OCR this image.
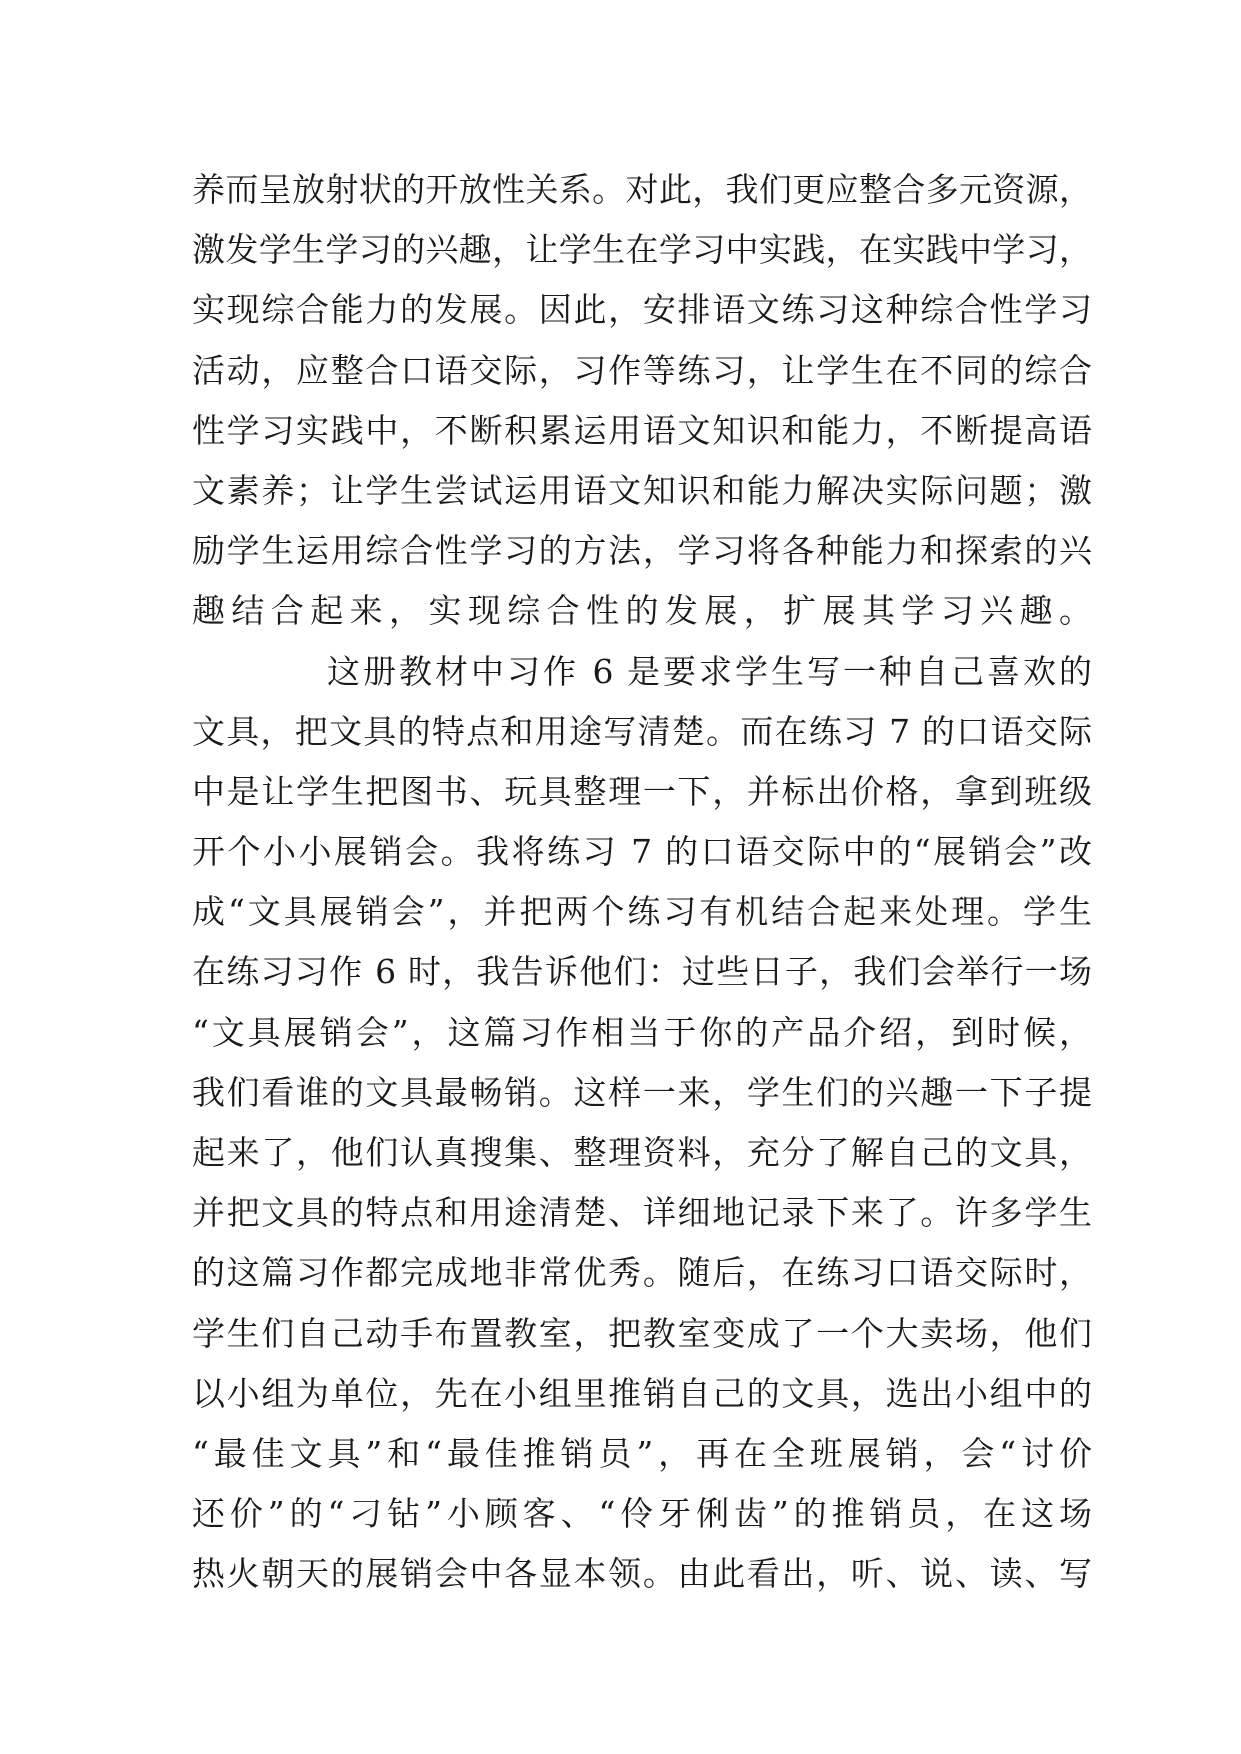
养而呈放射状的开放性关系。对此，我们更应整合多元资源，
激发学生学习的兴趣，让学生在学习中实践，在实践中学习，
实现综合能力的发展。因此，安排语文练习这种综合性学习
活动，应整合口语交际，习作等练习，让学生在不同的综合
性学习实践中，不断积累运用语文知识和能力，不断提高语
文素养；让学生尝试运用语文知识和能力解决实际问题；激
励学生运用综合性学习的方法，学习将各种能力和探索的兴
趣结合起来，实现综合性的发展，扩展其学习兴趣。
这册教材中习作 6 是要求学生写一种自己喜欢的
文具，把文具的特点和用途写清楚。而在练习 7 的口语交际
中是让学生把图书、玩具整理一下，并标出价格，拿到班级
开个小小展销会。我将练习 7 的口语交际中的“展销会”改
成“文具展销会”，并把两个练习有机结合起来处理。学生
在练习习作 6 时，我告诉他们：过些日子，我们会举行一场
“文具展销会”，这篇习作相当于你的产品介绍，到时候，
我们看谁的文具最畅销。这样一来，学生们的兴趣一下子提
起来了，他们认真搜集、整理资料，充分了解自己的文具，
并把文具的特点和用途清楚、详细地记录下来了。许多学生
的这篇习作都完成地非常优秀。随后，在练习口语交际时，
学生们自己动手布置教室，把教室变成了一个大卖场，他们
以小组为单位，先在小组里推销自己的文具，选出小组中的
“最佳文具”和“最佳推销员”，再在全班展销，会“讨价
还价”的“刁钻”小顾客、“伶牙俐齿”的推销员，在这场
热火朝天的展销会中各显本领。由此看出，听、说、读、写
